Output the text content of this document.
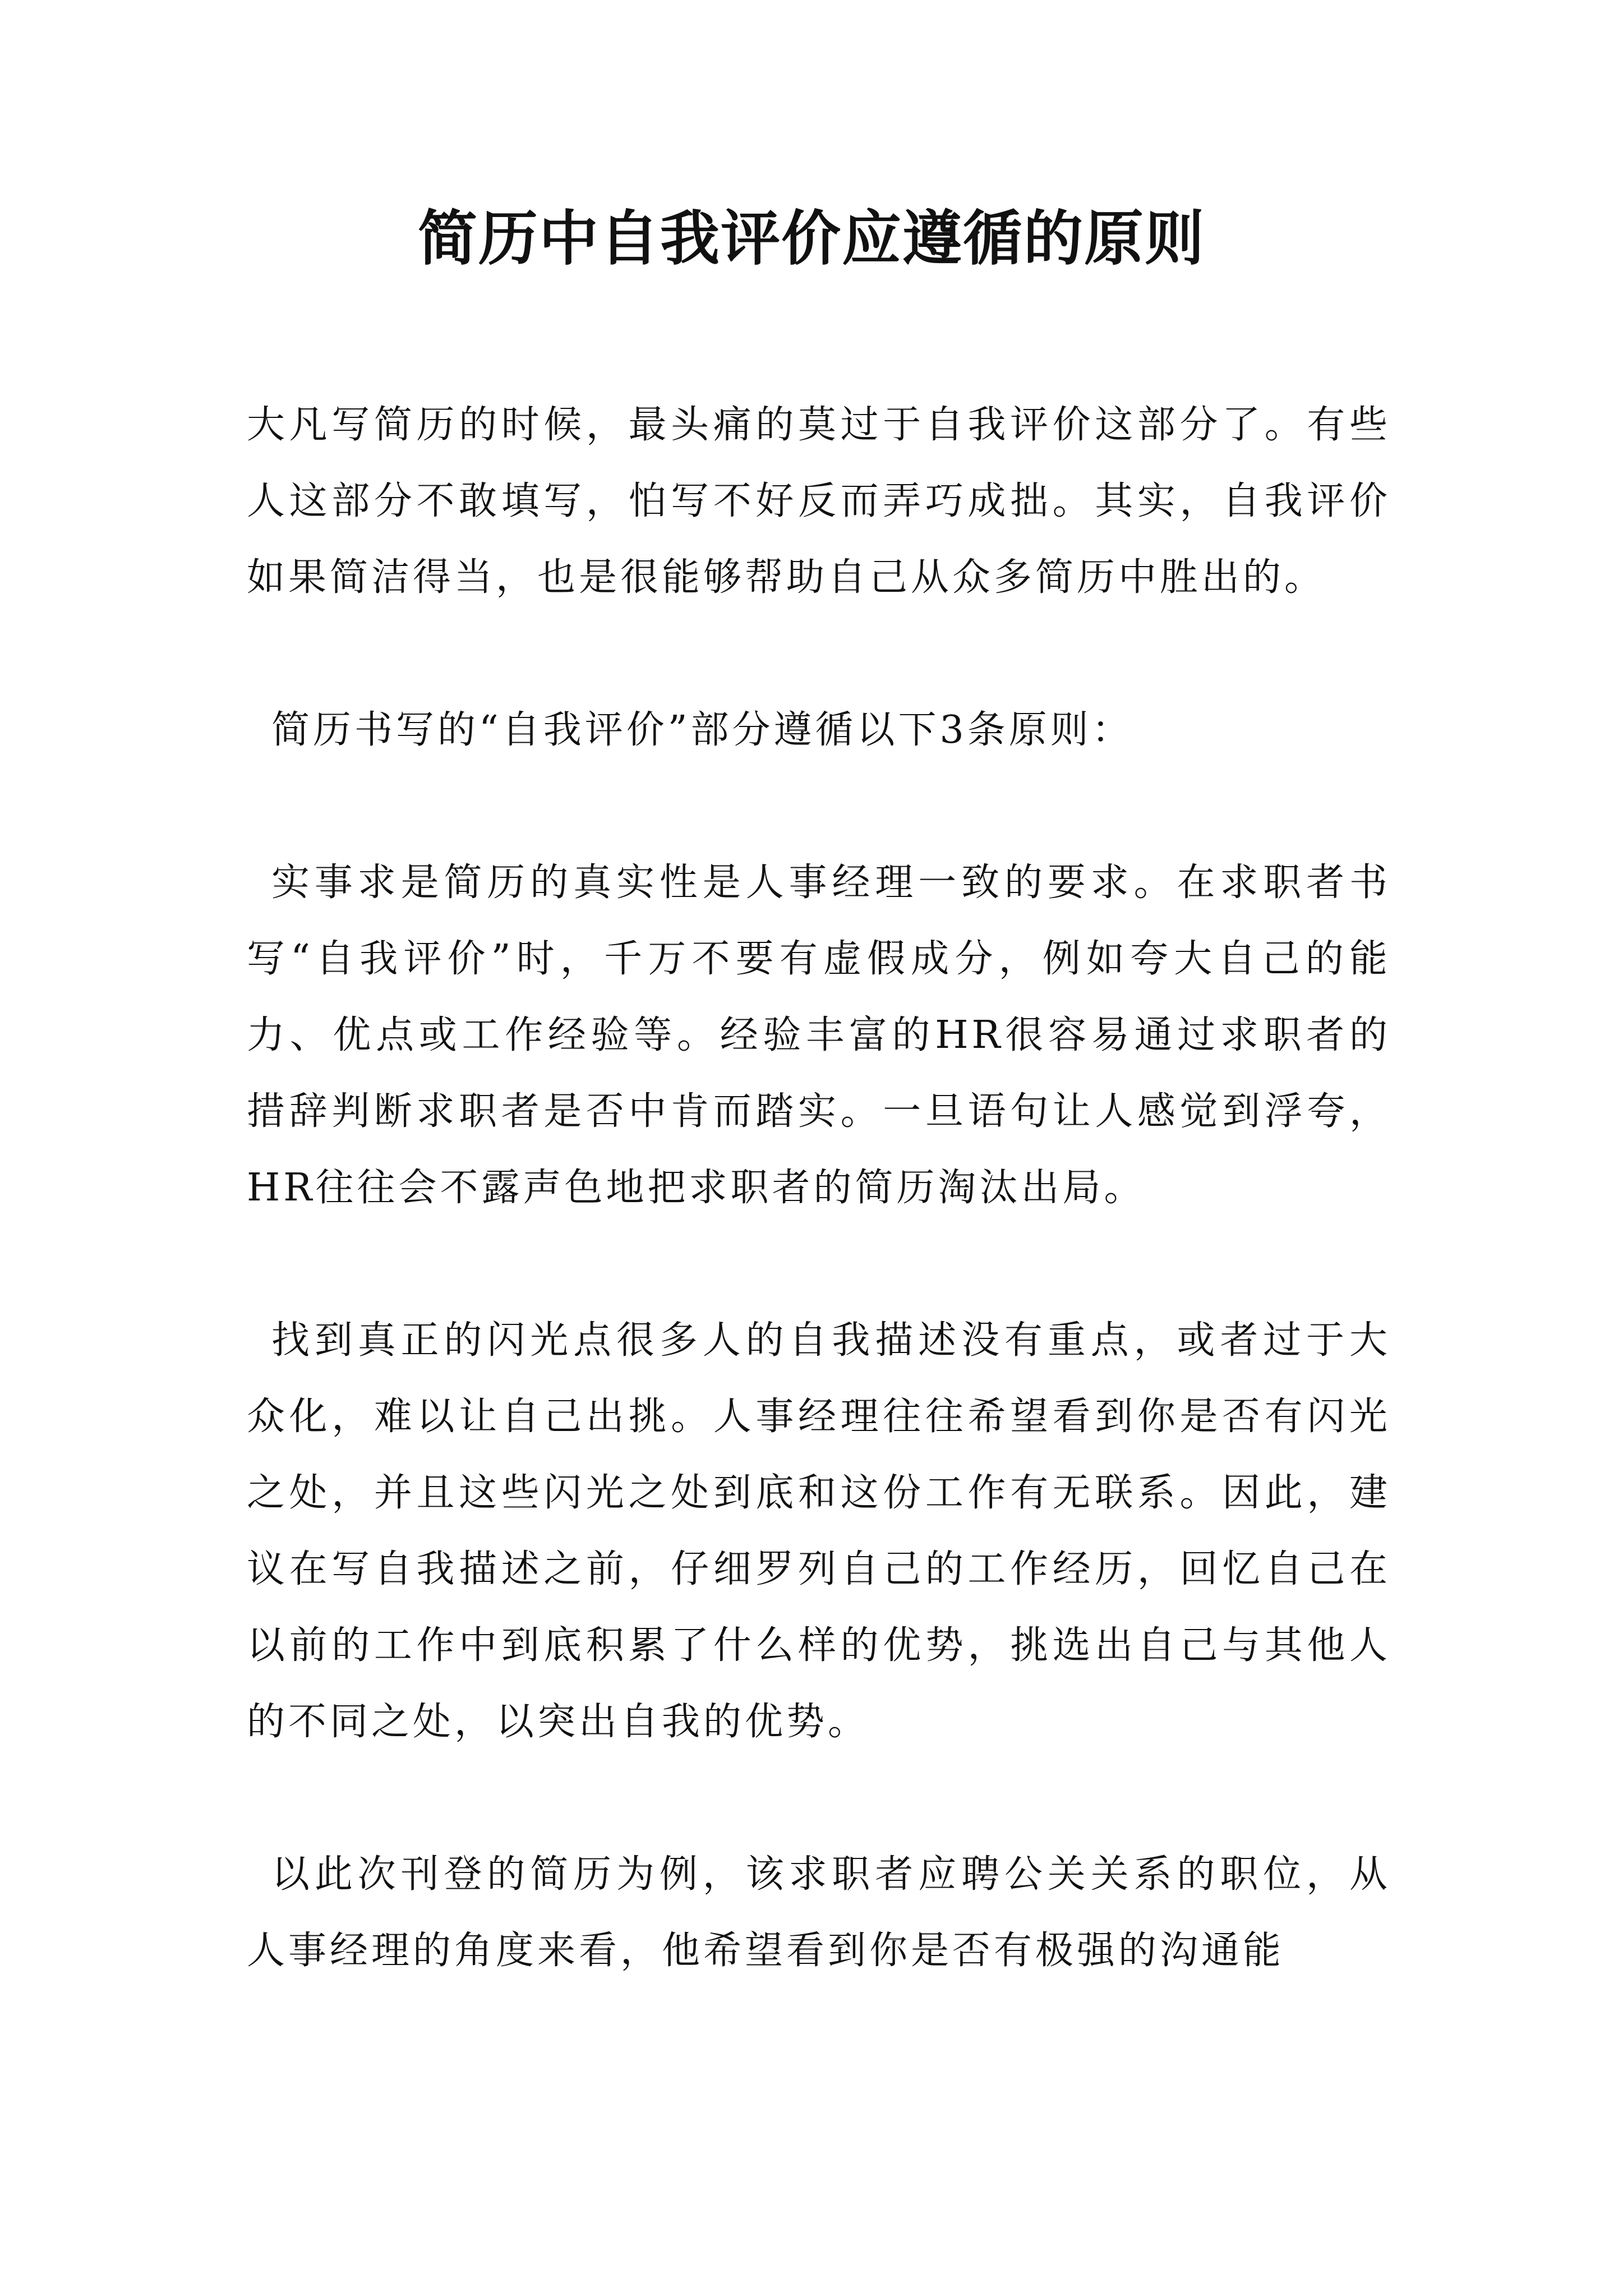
简历中自我评价应遵循的原则

大凡写简历的时候，最头痛的莫过于自我评价这部分了。有些人这部分不敢填写，怕写不好反而弄巧成拙。其实，自我评价如果简洁得当，也是很能够帮助自己从众多简历中胜出的。

简历书写的“自我评价”部分遵循以下3条原则：

实事求是简历的真实性是人事经理一致的要求。在求职者书写“自我评价”时，千万不要有虚假成分，例如夸大自己的能力、优点或工作经验等。经验丰富的HR很容易通过求职者的措辞判断求职者是否中肯而踏实。一旦语句让人感觉到浮夸，HR往往会不露声色地把求职者的简历淘汰出局。

找到真正的闪光点很多人的自我描述没有重点，或者过于大众化，难以让自己出挑。人事经理往往希望看到你是否有闪光之处，并且这些闪光之处到底和这份工作有无联系。因此，建议在写自我描述之前，仔细罗列自己的工作经历，回忆自己在以前的工作中到底积累了什么样的优势，挑选出自己与其他人的不同之处，以突出自我的优势。

以此次刊登的简历为例，该求职者应聘公关关系的职位，从人事经理的角度来看，他希望看到你是否有极强的沟通能
